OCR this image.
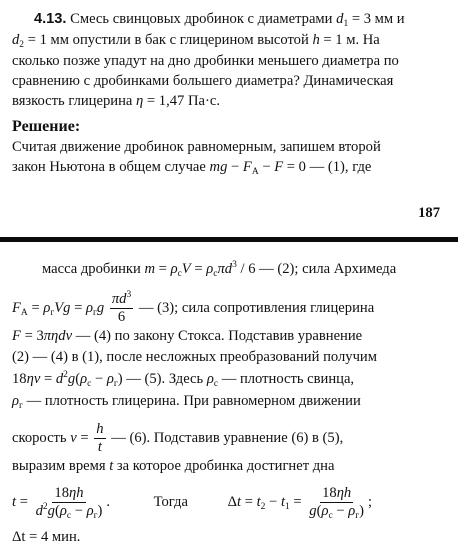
4.13. Смесь свинцовых дробинок с диаметрами $d_1 = 3$ мм и
$d_2 = 1$ мм опустили в бак с глицерином высотой h = 1 м. На
сколько позже упадут на дно дробинки меньшего диаметра по
сравнению с дробинками большего диаметра? Динамическая
вязкость глицерина η = 1,47 Па·с.
Решение:
Считая движение дробинок равномерным, запишем второй
закон Ньютона в общем случае mg − $F_A - F = 0$ — (1), где
187
масса дробинки $m = \rho_cV = \rho_c\pi d^3 / 6$ — (2); сила Архимеда
$F_A = \rho_гVg = \rho_гg \frac{\pi d^3}{6}$ — (3); сила сопротивления глицерина
F = 3πηdv — (4) по закону Стокса. Подставив уравнение
(2) — (4) в (1), после несложных преобразований получим
$18\eta v = d^2g(\rho_c - \rho_г)$ — (5). Здесь $\rho_c$ — плотность свинца,
$\rho_г$ — плотность глицерина. При равномерном движении
скорость $v = \frac{h}{t}$ — (6). Подставив уравнение (6) в (5),
выразим время t за которое дробинка достигнет дна
$t = \frac{18\eta h}{d^2g(\rho_c - \rho_г)}$ .	Тогда	$\Delta t = t_2 - t_1 = \frac{18\eta h}{g(\rho_c - \rho_г)}$ ;
Δt = 4 мин.
